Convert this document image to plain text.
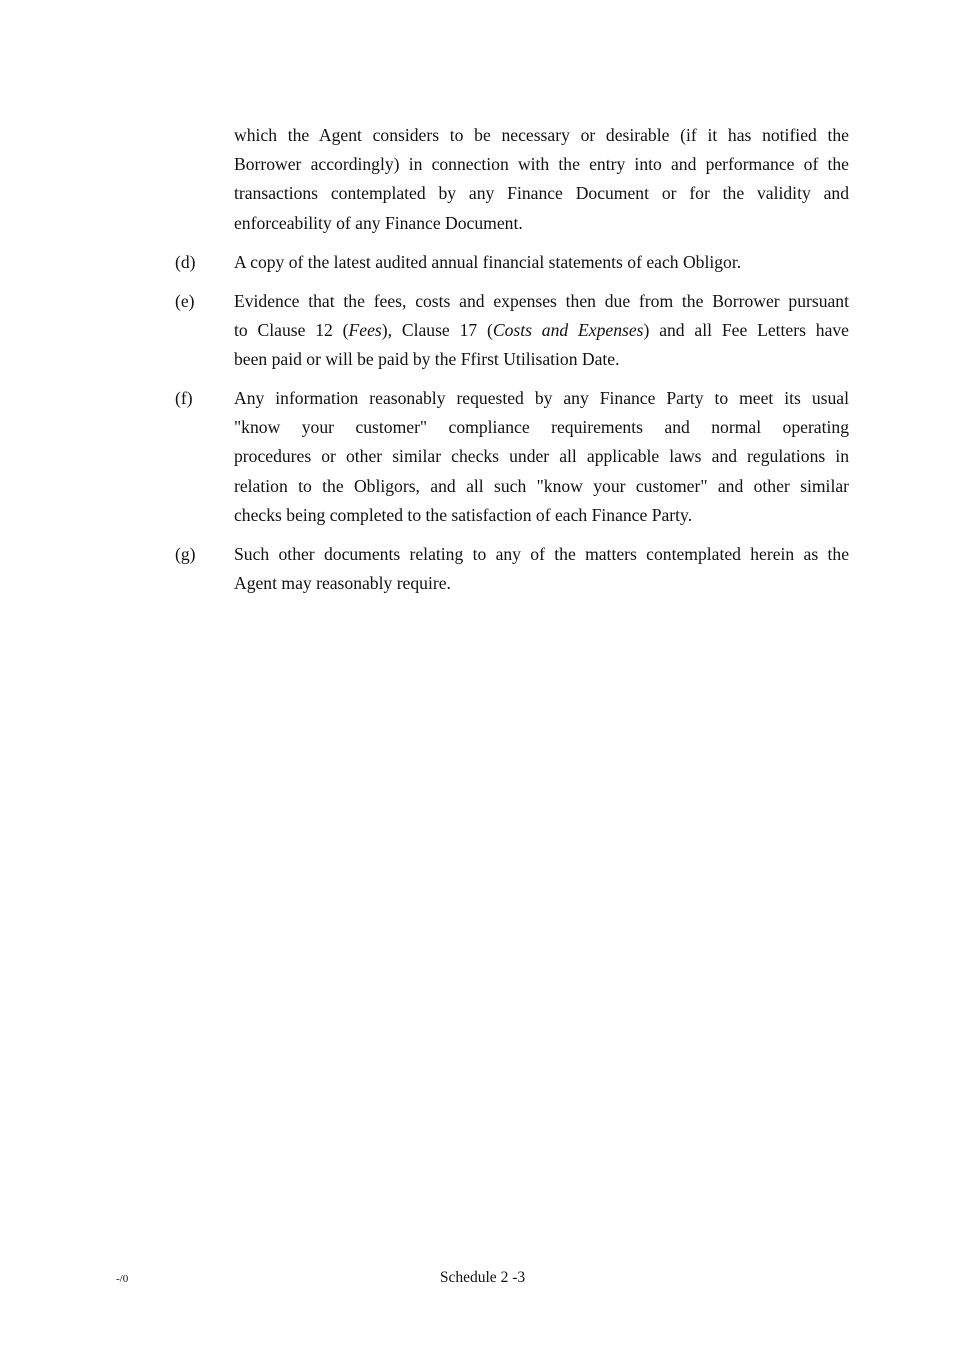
which the Agent considers to be necessary or desirable (if it has notified the
Borrower accordingly) in connection with the entry into and performance of the
transactions contemplated by any Finance Document or for the validity and
enforceability of any Finance Document.

(d) A copy of the latest audited annual financial statements of each Obligor.
(e) Evidence that the fees, costs and expenses then due from the Borrower pursuant
to Clause 12 (Fees), Clause 17 (Costs and Expenses) and all Fee Letters have
been paid or will be paid by the Ffirst Utilisation Date.
(f) Any information reasonably requested by any Finance Party to meet its usual
"know your customer" compliance requirements and normal operating
procedures or other similar checks under all applicable laws and regulations in
relation to the Obligors, and all such "know your customer" and other similar
checks being completed to the satisfaction of each Finance Party.
(g) Such other documents relating to any of the matters contemplated herein as the
Agent may reasonably require.
-/0	Schedule 2 -3
